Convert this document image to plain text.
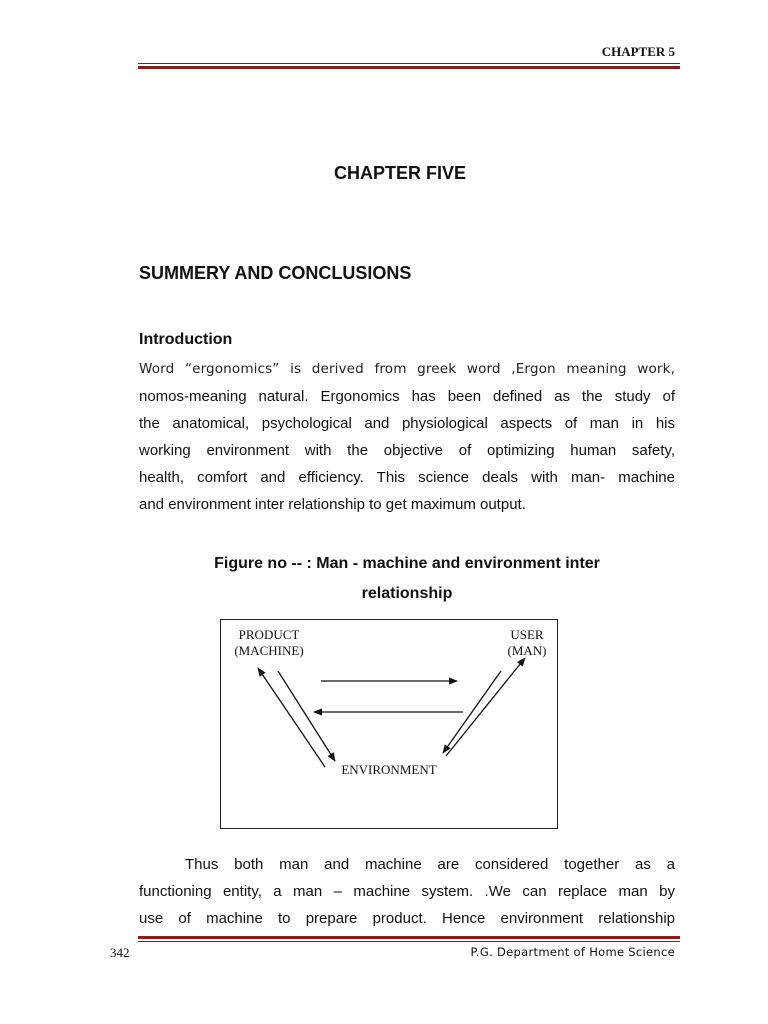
CHAPTER 5
CHAPTER FIVE
SUMMERY AND CONCLUSIONS
Introduction
Word “ergonomics” is derived from greek word ,Ergon meaning work,
nomos-meaning natural. Ergonomics has been defined as the study of
the anatomical, psychological and physiological aspects of man in his
working environment with the objective of optimizing human safety,
health, comfort and efficiency. This science deals with man- machine
and environment inter relationship to get maximum output.
Figure no -- : Man - machine and environment inter
relationship
PRODUCT
(MACHINE)
USER
(MAN)
ENVIRONMENT
Thus both man and machine are considered together as a
functioning entity, a man – machine system. .We can replace man by
use of machine to prepare product. Hence environment relationship
342	P.G. Department of Home Science
